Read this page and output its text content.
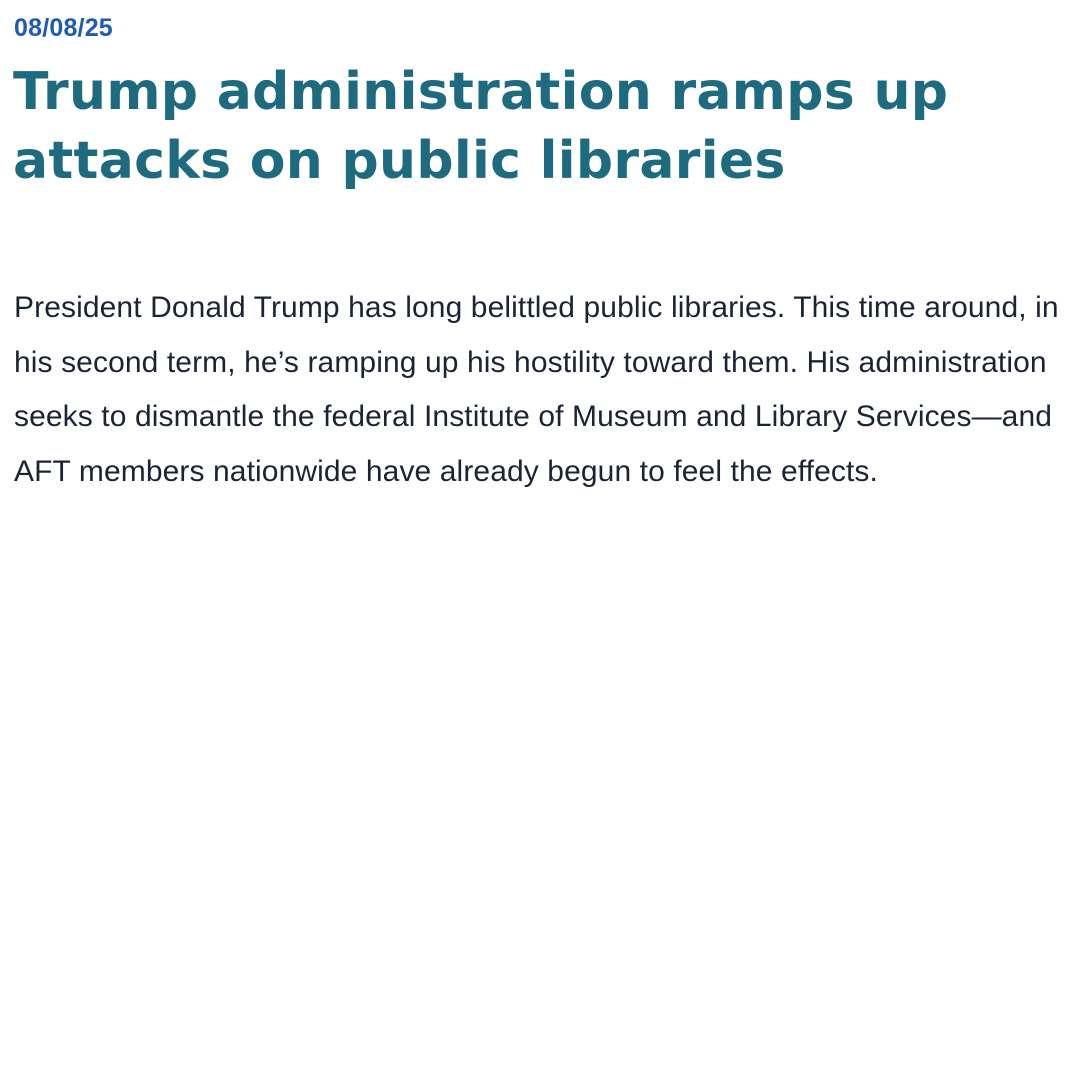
08/08/25
Trump administration ramps up attacks on public libraries

President Donald Trump has long belittled public libraries. This time around, in his second term, he’s ramping up his hostility toward them. His administration seeks to dismantle the federal Institute of Museum and Library Services—and AFT members nationwide have already begun to feel the effects.
